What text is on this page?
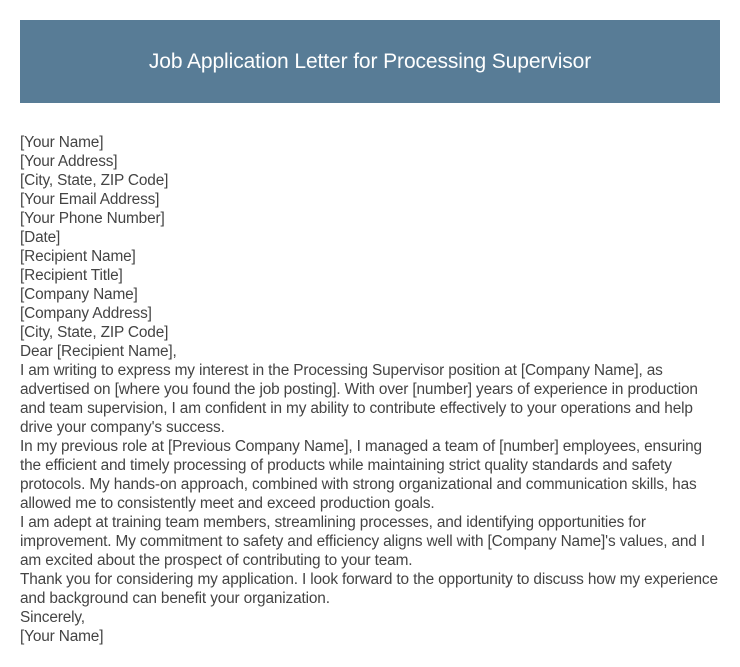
Job Application Letter for Processing Supervisor
[Your Name]
[Your Address]
[City, State, ZIP Code]
[Your Email Address]
[Your Phone Number]
[Date]
[Recipient Name]
[Recipient Title]
[Company Name]
[Company Address]
[City, State, ZIP Code]
Dear [Recipient Name],
I am writing to express my interest in the Processing Supervisor position at [Company Name], as advertised on [where you found the job posting]. With over [number] years of experience in production and team supervision, I am confident in my ability to contribute effectively to your operations and help drive your company's success.
In my previous role at [Previous Company Name], I managed a team of [number] employees, ensuring the efficient and timely processing of products while maintaining strict quality standards and safety protocols. My hands-on approach, combined with strong organizational and communication skills, has allowed me to consistently meet and exceed production goals.
I am adept at training team members, streamlining processes, and identifying opportunities for improvement. My commitment to safety and efficiency aligns well with [Company Name]'s values, and I am excited about the prospect of contributing to your team.
Thank you for considering my application. I look forward to the opportunity to discuss how my experience and background can benefit your organization.
Sincerely,
[Your Name]
